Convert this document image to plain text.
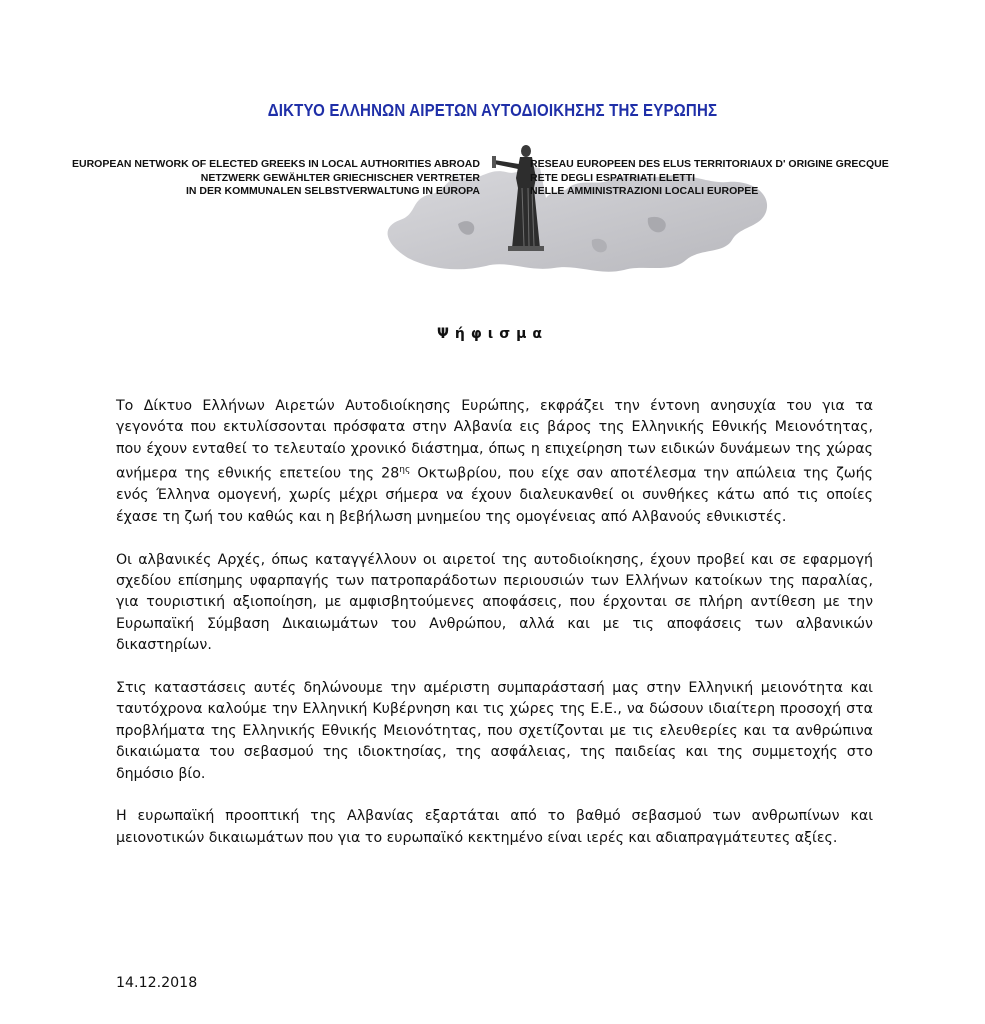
ΔΙΚΤΥΟ ΕΛΛΗΝΩΝ ΑΙΡΕΤΩΝ ΑΥΤΟΔΙΟΙΚΗΣΗΣ ΤΗΣ ΕΥΡΩΠΗΣ
EUROPEAN NETWORK OF ELECTED GREEKS IN LOCAL AUTHORITIES ABROAD
NETZWERK GEWÄHLTER GRIECHISCHER VERTRETER
IN DER KOMMUNALEN SELBSTVERWALTUNG IN EUROPA
RESEAU EUROPEEN DES ELUS TERRITORIAUX D' ORIGINE GRECQUE
RETE DEGLI ESPATRIATI ELETTI
NELLE AMMINISTRAZIONI LOCALI EUROPEE
Ψήφισμα

Το Δίκτυο Ελλήνων Αιρετών Αυτοδιοίκησης Ευρώπης, εκφράζει την έντονη ανησυχία του για τα γεγονότα που εκτυλίσσονται πρόσφατα στην Αλβανία εις βάρος της Ελληνικής Εθνικής Μειονότητας, που έχουν ενταθεί το τελευταίο χρονικό διάστημα, όπως η επιχείρηση των ειδικών δυνάμεων της χώρας ανήμερα της εθνικής επετείου της $28^{\eta\varsigma}$ Οκτωβρίου, που είχε σαν αποτέλεσμα την απώλεια της ζωής ενός Έλληνα ομογενή, χωρίς μέχρι σήμερα να έχουν διαλευκανθεί οι συνθήκες κάτω από τις οποίες έχασε τη ζωή του καθώς και η βεβήλωση μνημείου της ομογένειας από Αλβανούς εθνικιστές.

Οι αλβανικές Αρχές, όπως καταγγέλλουν οι αιρετοί της αυτοδιοίκησης, έχουν προβεί και σε εφαρμογή σχεδίου επίσημης υφαρπαγής των πατροπαράδοτων περιουσιών των Ελλήνων κατοίκων της παραλίας, για τουριστική αξιοποίηση, με αμφισβητούμενες αποφάσεις, που έρχονται σε πλήρη αντίθεση με την Ευρωπαϊκή Σύμβαση Δικαιωμάτων του Ανθρώπου, αλλά και με τις αποφάσεις των αλβανικών δικαστηρίων.

Στις καταστάσεις αυτές δηλώνουμε την αμέριστη συμπαράστασή μας στην Ελληνική μειονότητα και ταυτόχρονα καλούμε την Ελληνική Κυβέρνηση και τις χώρες της Ε.Ε., να δώσουν ιδιαίτερη προσοχή στα προβλήματα της Ελληνικής Εθνικής Μειονότητας, που σχετίζονται με τις ελευθερίες και τα ανθρώπινα δικαιώματα του σεβασμού της ιδιοκτησίας, της ασφάλειας, της παιδείας και της συμμετοχής στο δημόσιο βίο.

Η ευρωπαϊκή προοπτική της Αλβανίας εξαρτάται από το βαθμό σεβασμού των ανθρωπίνων και μειονοτικών δικαιωμάτων που για το ευρωπαϊκό κεκτημένο είναι ιερές και αδιαπραγμάτευτες αξίες.

14.12.2018
